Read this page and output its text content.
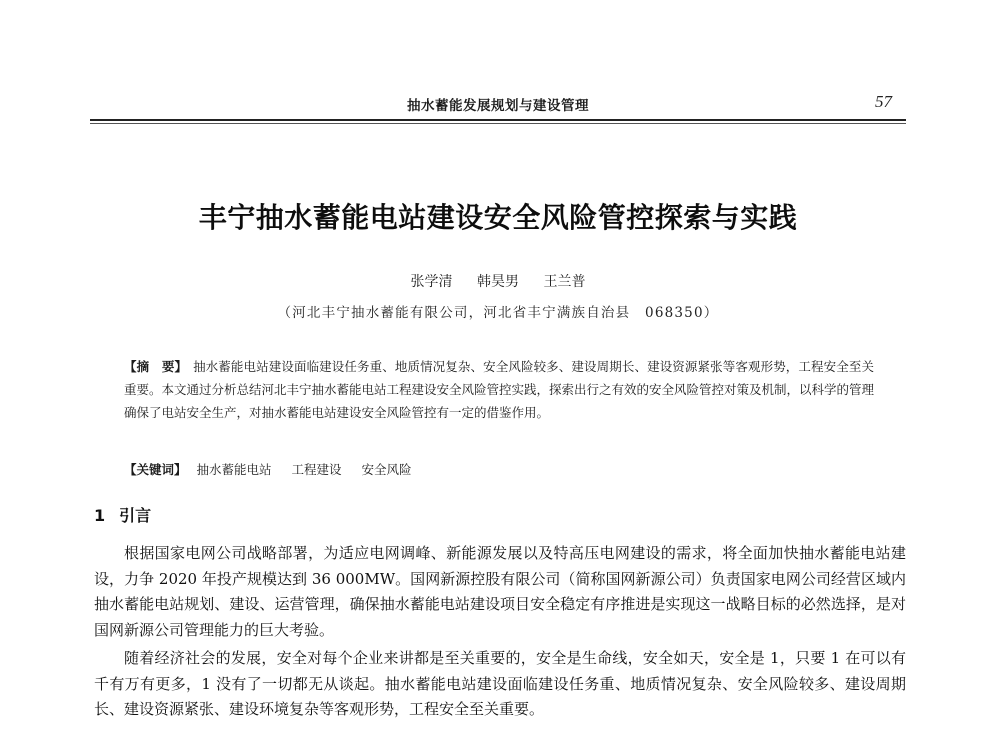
抽水蓄能发展规划与建设管理	57
丰宁抽水蓄能电站建设安全风险管控探索与实践
张学清 韩昊男 王兰普
（河北丰宁抽水蓄能有限公司，河北省丰宁满族自治县　068350）
【摘　要】 抽水蓄能电站建设面临建设任务重、地质情况复杂、安全风险较多、建设周期长、建设资源紧张等客观形势，工程安全至关重要。本文通过分析总结河北丰宁抽水蓄能电站工程建设安全风险管控实践，探索出行之有效的安全风险管控对策及机制，以科学的管理确保了电站安全生产，对抽水蓄能电站建设安全风险管控有一定的借鉴作用。
【关键词】 抽水蓄能电站 工程建设 安全风险
1 引言

根据国家电网公司战略部署，为适应电网调峰、新能源发展以及特高压电网建设的需求，将全面加快抽水蓄能电站建设，力争 2020 年投产规模达到 36 000MW。国网新源控股有限公司（简称国网新源公司）负责国家电网公司经营区域内抽水蓄能电站规划、建设、运营管理，确保抽水蓄能电站建设项目安全稳定有序推进是实现这一战略目标的必然选择，是对国网新源公司管理能力的巨大考验。

随着经济社会的发展，安全对每个企业来讲都是至关重要的，安全是生命线，安全如天，安全是 1，只要 1 在可以有千有万有更多，1 没有了一切都无从谈起。抽水蓄能电站建设面临建设任务重、地质情况复杂、安全风险较多、建设周期长、建设资源紧张、建设环境复杂等客观形势，工程安全至关重要。
